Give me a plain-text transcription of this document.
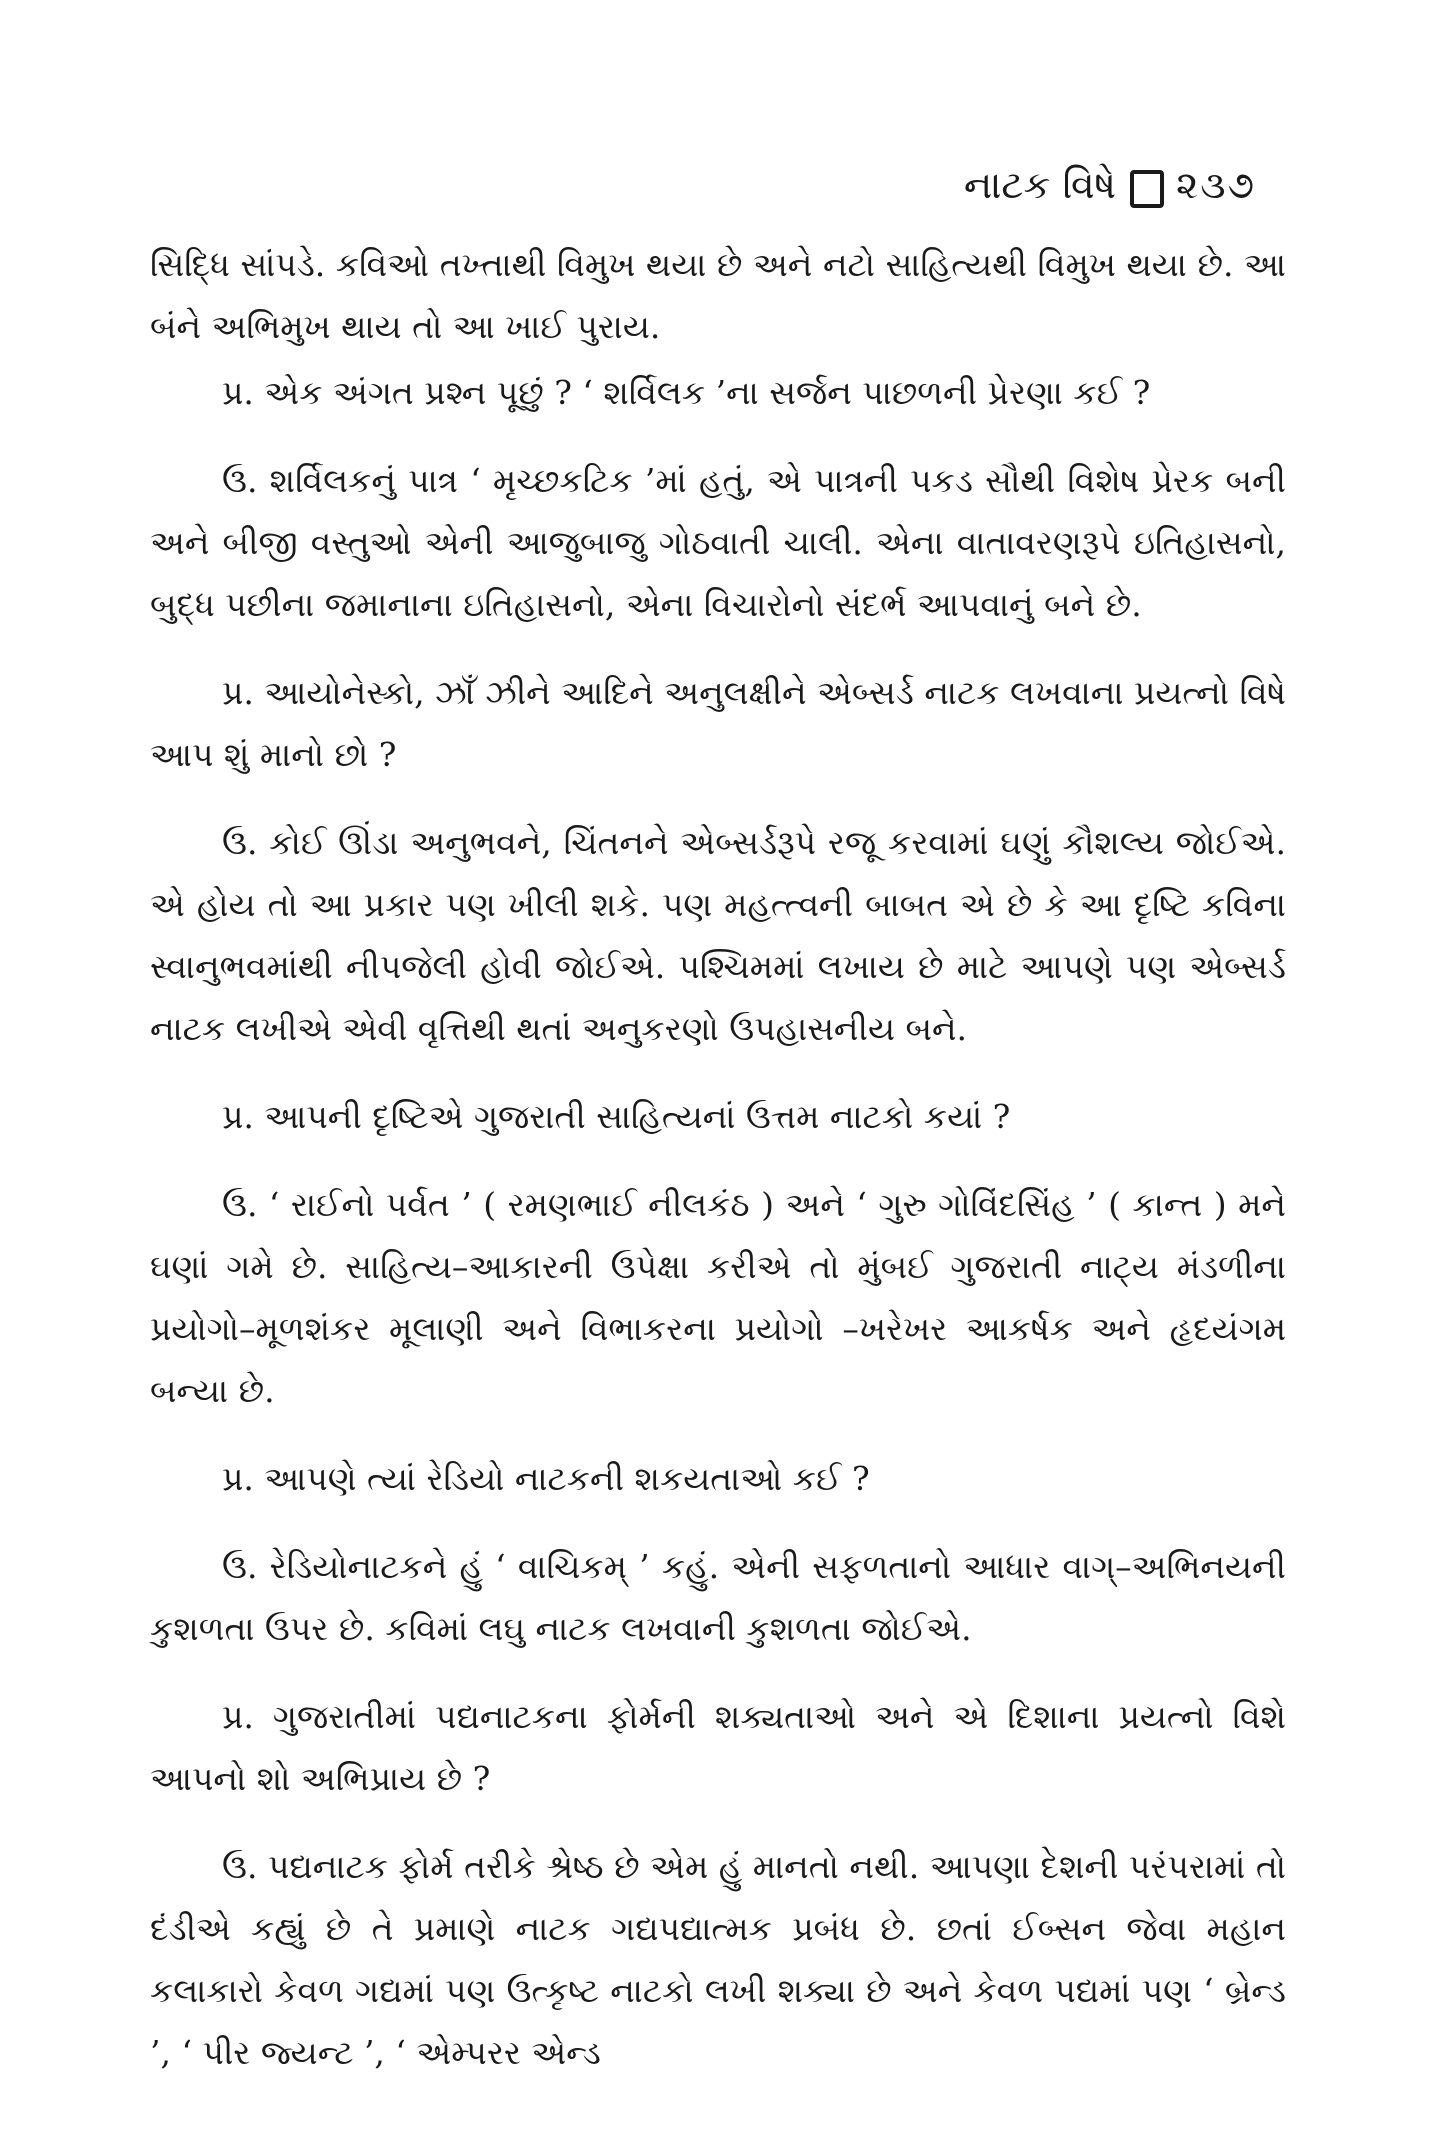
નાટક વિષે ૨૩૭

સિદ્ધિ સાંપડે. કવિઓ તખ્તાથી વિમુખ થયા છે અને નટો સાહિત્યથી વિમુખ થયા છે. આ બંને અભિમુખ થાય તો આ ખાઈ પુરાય.

પ્ર. એક અંગત પ્રશ્ન પૂછું ? ‘ શર્વિલક ’ના સર્જન પાછળની પ્રેરણા કઈ ?

ઉ. શર્વિલકનું પાત્ર ‘ મૃચ્છકટિક ’માં હતું, એ પાત્રની પકડ સૌથી વિશેષ પ્રેરક બની અને બીજી વસ્તુઓ એની આજુબાજુ ગોઠવાતી ચાલી. એના વાતાવરણરૂપે ઇતિહાસનો, બુદ્ધ પછીના જમાનાના ઇતિહાસનો, એના વિચારોનો સંદર્ભ આપવાનું બને છે.

પ્ર. આયોનેસ્કો, ઝાઁ ઝીને આદિને અનુલક્ષીને એબ્સર્ડ નાટક લખવાના પ્રયત્નો વિષે આપ શું માનો છો ?

ઉ. કોઈ ઊંડા અનુભવને, ચિંતનને એબ્સર્ડરૂપે રજૂ કરવામાં ઘણું કૌશલ્ય જોઈએ. એ હોય તો આ પ્રકાર પણ ખીલી શકે. પણ મહત્ત્વની બાબત એ છે કે આ દૃષ્ટિ કવિના સ્વાનુભવમાંથી નીપજેલી હોવી જોઈએ. પશ્ચિમમાં લખાય છે માટે આપણે પણ એબ્સર્ડ નાટક લખીએ એવી વૃત્તિથી થતાં અનુકરણો ઉપહાસનીય બને.

પ્ર. આપની દૃષ્ટિએ ગુજરાતી સાહિત્યનાં ઉત્તમ નાટકો કયાં ?

ઉ. ‘ રાઈનો પર્વત ’ ( રમણભાઈ નીલકંઠ ) અને ‘ ગુરુ ગોવિંદસિંહ ’ ( કાન્ત ) મને ઘણાં ગમે છે. સાહિત્ય–આકારની ઉપેક્ષા કરીએ તો મુંબઈ ગુજરાતી નાટ્ય મંડળીના પ્રયોગો–મૂળશંકર મૂલાણી અને વિભાકરના પ્રયોગો –ખરેખર આકર્ષક અને હૃદયંગમ બન્યા છે.

પ્ર. આપણે ત્યાં રેડિયો નાટકની શકયતાઓ કઈ ?

ઉ. રેડિયોનાટકને હું ‘ વાચિકમ્ ’ કહું. એની સફળતાનો આધાર વાગ્–અભિનયની કુશળતા ઉપર છે. કવિમાં લઘુ નાટક લખવાની કુશળતા જોઈએ.

પ્ર. ગુજરાતીમાં પદ્યનાટકના ફોર્મની શક્યતાઓ અને એ દિશાના પ્રયત્નો વિશે આપનો શો અભિપ્રાય છે ?

ઉ. પદ્યનાટક ફોર્મ તરીકે શ્રેષ્ઠ છે એમ હું માનતો નથી. આપણા દેશની પરંપરામાં તો દંડીએ કહ્યું છે તે પ્રમાણે નાટક ગદ્યપદ્યાત્મક પ્રબંધ છે. છતાં ઈબ્સન જેવા મહાન કલાકારો કેવળ ગદ્યમાં પણ ઉત્કૃષ્ટ નાટકો લખી શક્યા છે અને કેવળ પદ્યમાં પણ ‘ બ્રેન્ડ ’, ‘ પીર જ્યન્ટ ’, ‘ એમ્પરર એન્ડ
